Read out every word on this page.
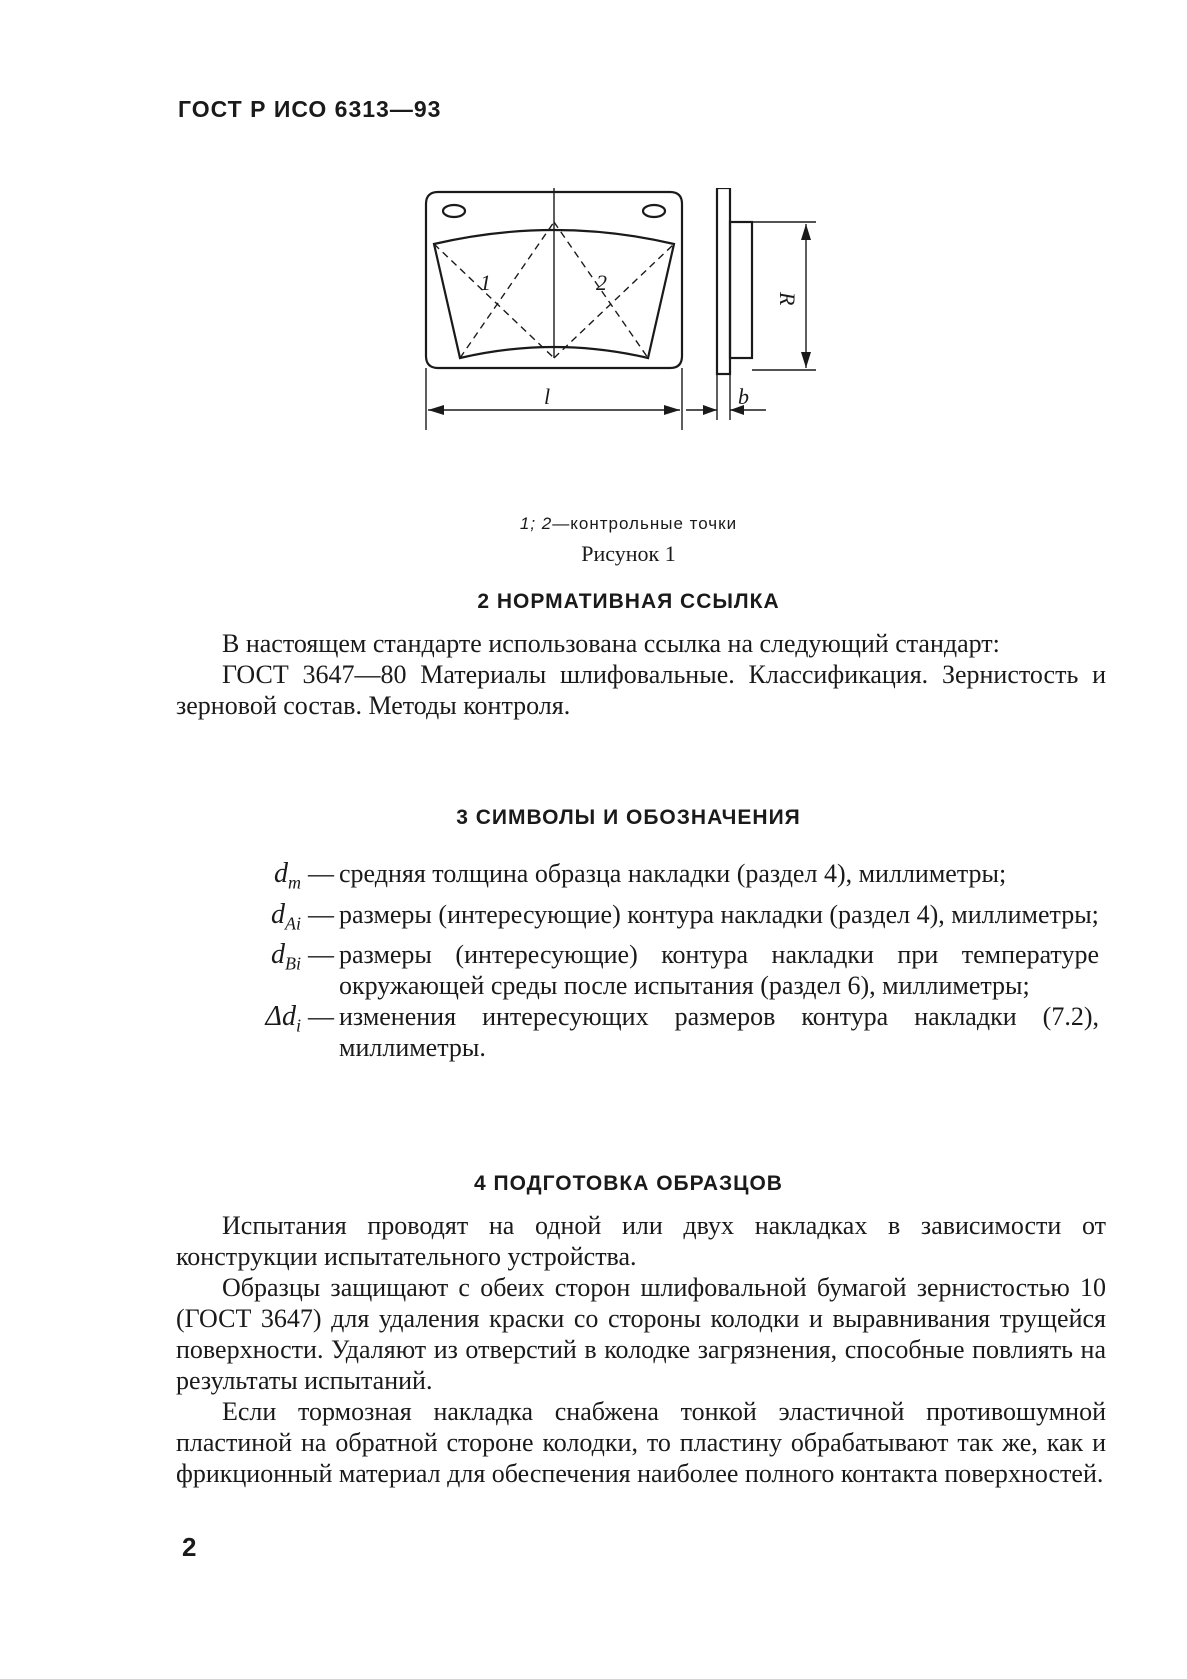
ГОСТ Р ИСО 6313—93
1	2
l	b
R
1; 2—контрольные точки
Рисунок 1
2 НОРМАТИВНАЯ ССЫЛКА

В настоящем стандарте использована ссылка на следующий стандарт:

ГОСТ 3647—80 Материалы шлифовальные. Классификация. Зернистость и зерновой состав. Методы контроля.

3 СИМВОЛЫ И ОБОЗНАЧЕНИЯ
$d_m$ — средняя толщина образца накладки (раздел 4), миллиметры;
$d_{Ai}$ — размеры (интересующие) контура накладки (раздел 4), миллиметры;
$d_{Bi}$ — размеры (интересующие) контура накладки при температуре окружающей среды после испытания (раздел 6), миллиметры;
$\Delta d_i$ — изменения интересующих размеров контура накладки (7.2), миллиметры.
4 ПОДГОТОВКА ОБРАЗЦОВ

Испытания проводят на одной или двух накладках в зависимости от конструкции испытательного устройства.

Образцы защищают с обеих сторон шлифовальной бумагой зернистостью 10 (ГОСТ 3647) для удаления краски со стороны колодки и выравнивания трущейся поверхности. Удаляют из отверстий в колодке загрязнения, способные повлиять на результаты испытаний.

Если тормозная накладка снабжена тонкой эластичной противошумной пластиной на обратной стороне колодки, то пластину обрабатывают так же, как и фрикционный материал для обеспечения наиболее полного контакта поверхностей.

2
